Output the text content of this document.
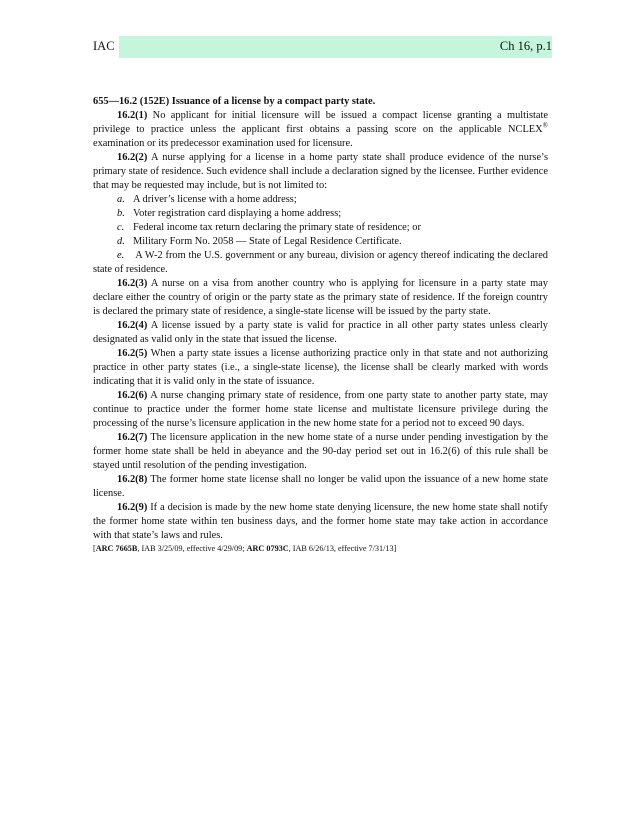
IAC	Ch 16, p.1

655—16.2 (152E) Issuance of a license by a compact party state.

16.2(1) No applicant for initial licensure will be issued a compact license granting a multistate privilege to practice unless the applicant first obtains a passing score on the applicable NCLEX® examination or its predecessor examination used for licensure.

16.2(2) A nurse applying for a license in a home party state shall produce evidence of the nurse’s primary state of residence. Such evidence shall include a declaration signed by the licensee. Further evidence that may be requested may include, but is not limited to:

a. A driver’s license with a home address;

b. Voter registration card displaying a home address;

c. Federal income tax return declaring the primary state of residence; or

d. Military Form No. 2058 — State of Legal Residence Certificate.

e. A W-2 from the U.S. government or any bureau, division or agency thereof indicating the declared state of residence.

16.2(3) A nurse on a visa from another country who is applying for licensure in a party state may declare either the country of origin or the party state as the primary state of residence. If the foreign country is declared the primary state of residence, a single-state license will be issued by the party state.

16.2(4) A license issued by a party state is valid for practice in all other party states unless clearly designated as valid only in the state that issued the license.

16.2(5) When a party state issues a license authorizing practice only in that state and not authorizing practice in other party states (i.e., a single-state license), the license shall be clearly marked with words indicating that it is valid only in the state of issuance.

16.2(6) A nurse changing primary state of residence, from one party state to another party state, may continue to practice under the former home state license and multistate licensure privilege during the processing of the nurse’s licensure application in the new home state for a period not to exceed 90 days.

16.2(7) The licensure application in the new home state of a nurse under pending investigation by the former home state shall be held in abeyance and the 90-day period set out in 16.2(6) of this rule shall be stayed until resolution of the pending investigation.

16.2(8) The former home state license shall no longer be valid upon the issuance of a new home state license.

16.2(9) If a decision is made by the new home state denying licensure, the new home state shall notify the former home state within ten business days, and the former home state may take action in accordance with that state’s laws and rules.

[ARC 7665B, IAB 3/25/09, effective 4/29/09; ARC 0793C, IAB 6/26/13, effective 7/31/13]
